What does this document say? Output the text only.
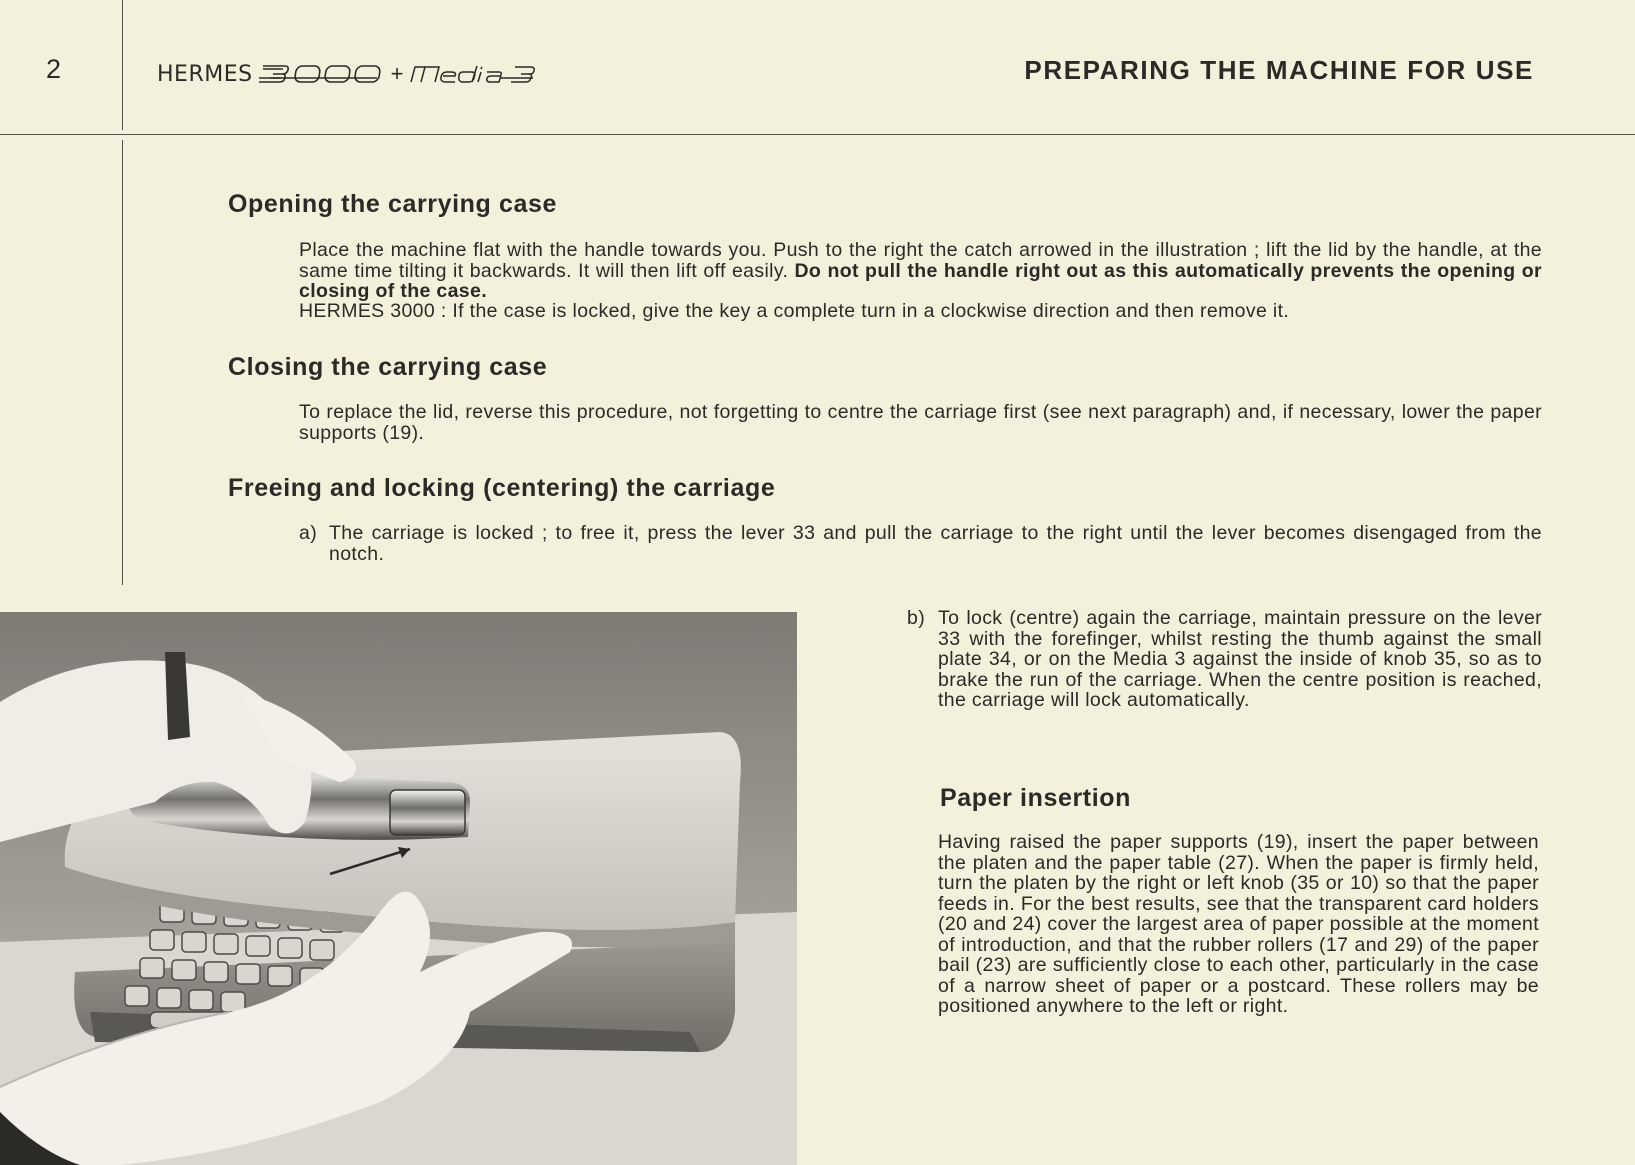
2	HERMES	+	PREPARING THE MACHINE FOR USE
Opening the carrying case

Place the machine flat with the handle towards you. Push to the right the catch arrowed in the illustration ; lift the lid by the handle, at the same time tilting it backwards. It will then lift off easily. Do not pull the handle right out as this automatically prevents the opening or closing of the case.

HERMES 3000 : If the case is locked, give the key a complete turn in a clockwise direction and then remove it.

Closing the carrying case

To replace the lid, reverse this procedure, not forgetting to centre the carriage first (see next paragraph) and, if necessary, lower the paper supports (19).

Freeing and locking (centering) the carriage
a) The carriage is locked ; to free it, press the lever 33 and pull the carriage to the right until the lever becomes disengaged from the notch.
b) To lock (centre) again the carriage, maintain pressure on the lever 33 with the forefinger, whilst resting the thumb against the small plate 34, or on the Media 3 against the inside of knob 35, so as to brake the run of the carriage. When the centre position is reached, the carriage will lock automatically.
Paper insertion

Having raised the paper supports (19), insert the paper between the platen and the paper table (27). When the paper is firmly held, turn the platen by the right or left knob (35 or 10) so that the paper feeds in. For the best results, see that the transparent card holders (20 and 24) cover the largest area of paper possible at the moment of introduction, and that the rubber rollers (17 and 29) of the paper bail (23) are sufficiently close to each other, particularly in the case of a narrow sheet of paper or a postcard. These rollers may be positioned anywhere to the left or right.
